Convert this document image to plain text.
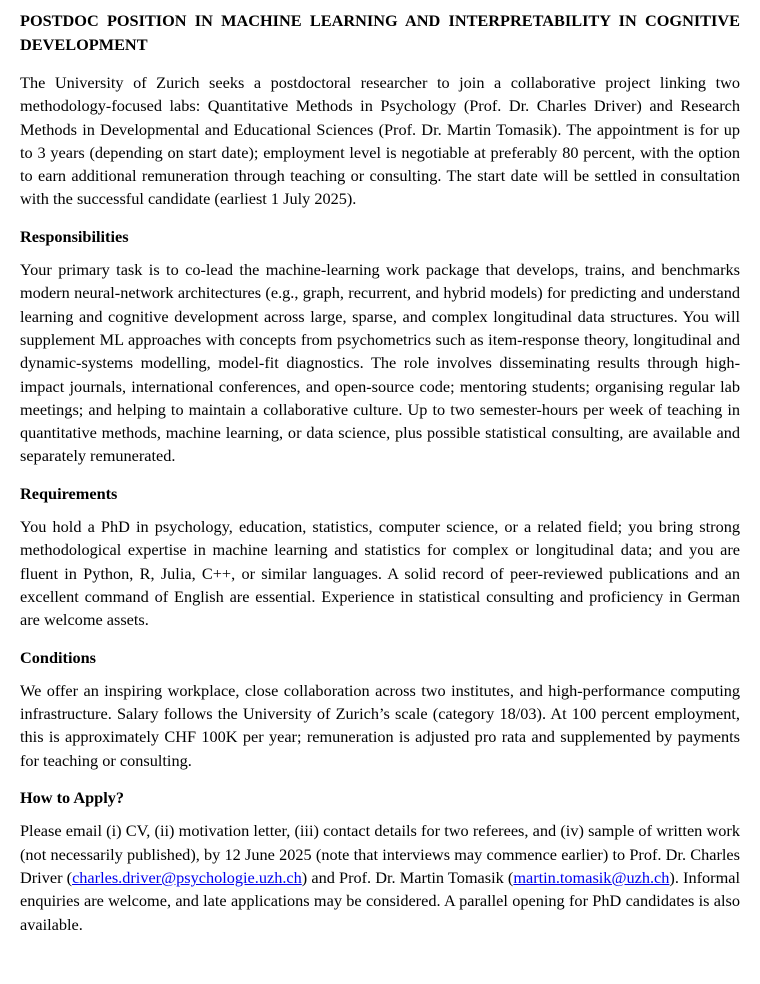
POSTDOC POSITION IN MACHINE LEARNING AND INTERPRETABILITY IN COGNITIVE DEVELOPMENT

The University of Zurich seeks a postdoctoral researcher to join a collaborative project linking two methodology-focused labs: Quantitative Methods in Psychology (Prof. Dr. Charles Driver) and Research Methods in Developmental and Educational Sciences (Prof. Dr. Martin Tomasik). The appointment is for up to 3 years (depending on start date); employment level is negotiable at preferably 80 percent, with the option to earn additional remuneration through teaching or consulting. The start date will be settled in consultation with the successful candidate (earliest 1 July 2025).

Responsibilities

Your primary task is to co-lead the machine-learning work package that develops, trains, and benchmarks modern neural-network architectures (e.g., graph, recurrent, and hybrid models) for predicting and understand learning and cognitive development across large, sparse, and complex longitudinal data structures. You will supplement ML approaches with concepts from psychometrics such as item-response theory, longitudinal and dynamic-systems modelling, model-fit diagnostics. The role involves disseminating results through high-impact journals, international conferences, and open-source code; mentoring students; organising regular lab meetings; and helping to maintain a collaborative culture. Up to two semester-hours per week of teaching in quantitative methods, machine learning, or data science, plus possible statistical consulting, are available and separately remunerated.

Requirements

You hold a PhD in psychology, education, statistics, computer science, or a related field; you bring strong methodological expertise in machine learning and statistics for complex or longitudinal data; and you are fluent in Python, R, Julia, C++, or similar languages. A solid record of peer-reviewed publications and an excellent command of English are essential. Experience in statistical consulting and proficiency in German are welcome assets.

Conditions

We offer an inspiring workplace, close collaboration across two institutes, and high-performance computing infrastructure. Salary follows the University of Zurich’s scale (category 18/03). At 100 percent employment, this is approximately CHF 100K per year; remuneration is adjusted pro rata and supplemented by payments for teaching or consulting.

How to Apply?

Please email (i) CV, (ii) motivation letter, (iii) contact details for two referees, and (iv) sample of written work (not necessarily published), by 12 June 2025 (note that interviews may commence earlier) to Prof. Dr. Charles Driver (charles.driver@psychologie.uzh.ch) and Prof. Dr. Martin Tomasik (martin.tomasik@uzh.ch). Informal enquiries are welcome, and late applications may be considered. A parallel opening for PhD candidates is also available.
